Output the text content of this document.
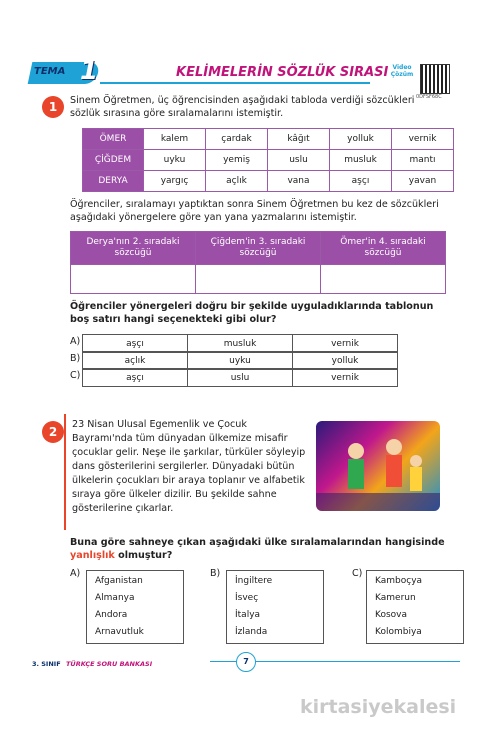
TEMA 1	KELİMELERİN SÖZLÜK SIRASI Video
Çözüm
0DFSF68C
1	Sinem Öğretmen, üç öğrencisinden aşağıdaki tabloda verdiği sözcükleri sözlük sırasına göre sıralamalarını istemiştir.
ÖMER	kalem	çardak	kâğıt	yolluk	vernik
ÇİĞDEM	uyku	yemiş	uslu	musluk	mantı
DERYA	yargıç	açlık	vana	aşçı	yavan
Öğrenciler, sıralamayı yaptıktan sonra Sinem Öğretmen bu kez de sözcükleri aşağıdaki yönergelere göre yan yana yazmalarını istemiştir.
Derya'nın 2. sıradaki sözcüğü	Çiğdem'in 3. sıradaki sözcüğü	Ömer'in 4. sıradaki sözcüğü

Öğrenciler yönergeleri doğru bir şekilde uyguladıklarında tablonun boş satırı hangi seçenekteki gibi olur?
A)	aşçı	musluk	vernik
B)	açlık	uyku	yolluk
C)	aşçı	uslu	vernik
2
23 Nisan Ulusal Egemenlik ve Çocuk Bayramı'nda tüm dünyadan ülkemize misafir çocuklar gelir. Neşe ile şarkılar, türküler söyleyip dans gösterilerini sergilerler. Dünyadaki bütün ülkelerin çocukları bir araya toplanır ve alfabetik sıraya göre ülkeler dizilir. Bu şekilde sahne gösterilerine çıkarlar.
Buna göre sahneye çıkan aşağıdaki ülke sıralamalarından hangisinde yanlışlık olmuştur?
A)
Afganistan
Almanya
Andora
Arnavutluk
B)
İngiltere
İsveç
İtalya
İzlanda
C)
Kamboçya
Kamerun
Kosova
Kolombiya
3. SINIF TÜRKÇE SORU BANKASI	7
kirtasiyekalesi
